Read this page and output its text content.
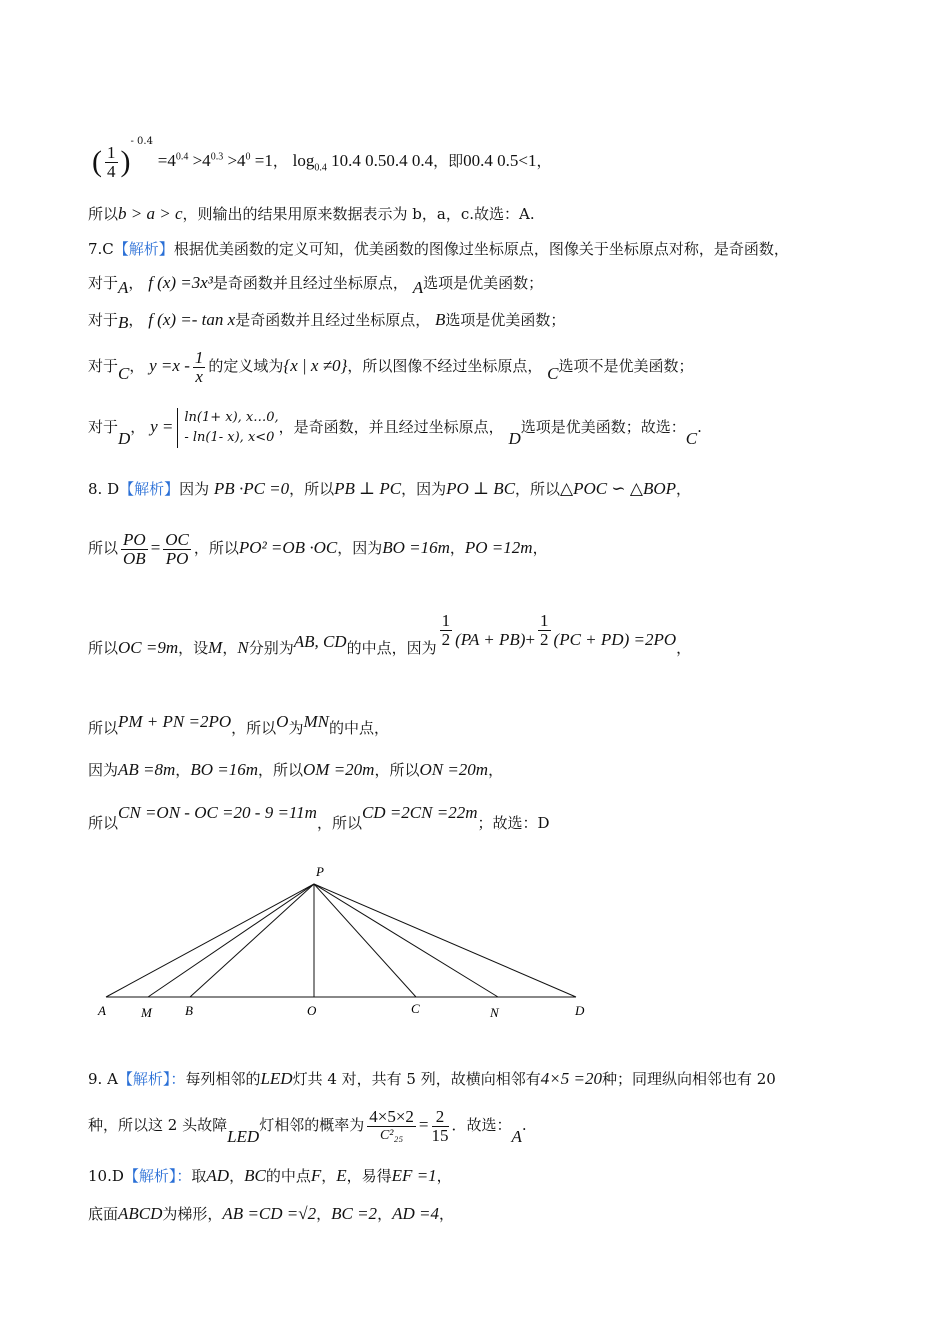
( $\frac{1}{4} )^{- 0.4} =4^{0.4} >4^{0.3} >4^0 =1$， $\log_{0.4} 10.4$ 0.50.4 0.4，即00.4 0.5<1，
所以b > a > c，则输出的结果用原来数据表示为 b，a，c.故选：A.
7.C【解析】根据优美函数的定义可知，优美函数的图像过坐标原点，图像关于坐标原点对称，是奇函数，
对于A， f (x) =3x³是奇函数并且经过坐标原点， A选项是优美函数；
对于B， f (x) =- tan x是奇函数并且经过坐标原点， B选项是优美函数；
对于C， $y =x - \frac{1}{x}$ 的定义域为{x | x ≠0}，所以图像不经过坐标原点， C选项不是优美函数；
对于D， y = ln(1+ x), x…0,
- ln(1- x), x<0
，是奇函数，并且经过坐标原点， D选项是优美函数；故选：C.
8. D【解析】因为 PB ·PC =0，所以PB ⊥ PC，因为PO ⊥ BC，所以△POC ∽ △BOP，
所以 $\frac{PO}{OB} = \frac{OC}{PO}$ ，所以PO² =OB ·OC，因为BO =16m，PO =12m，
所以OC =9m，设M，N分别为AB, CD的中点，因为 $\frac{1}{2} (PA + PB)+ \frac{1}{2} (PC + PD) =2PO$，
所以PM + PN =2PO，所以O为MN的中点，
因为AB =8m，BO =16m，所以OM =20m，所以ON =20m，
所以CN =ON - OC =20 - 9 =11m，所以CD =2CN =22m；故选：D
P
A	M	B	O	C	N	D
9. A【解析】：每列相邻的LED灯共 4 对，共有 5 列，故横向相邻有4×5 =20种；同理纵向相邻也有 20
种，所以这 2 头故障LED灯相邻的概率为 $\frac{4\times 5\times 2}{\text{C²₂₅}} = \frac{2}{15}$ ．故选：A.
10.D【解析】：取AD，BC的中点F，E，易得EF =1，
底面ABCD为梯形，AB =CD =√2，BC =2，AD =4，
